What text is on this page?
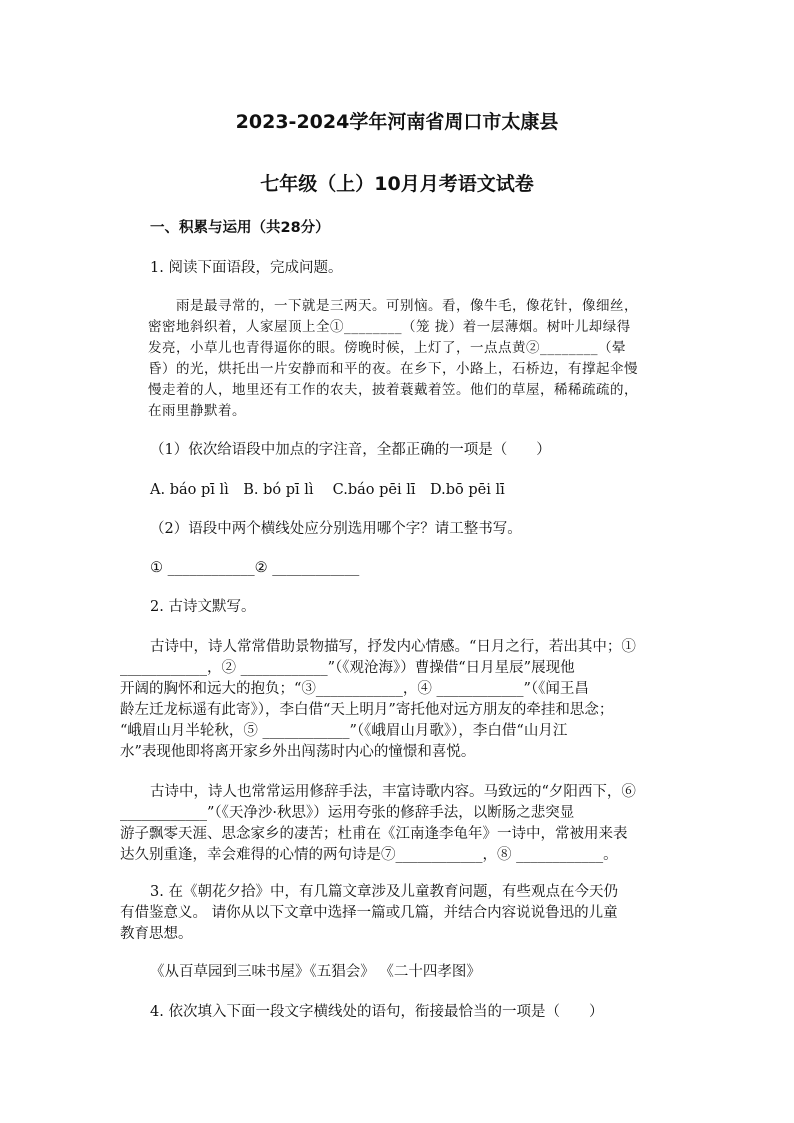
2023-2024学年河南省周口市太康县
七年级（上）10月月考语文试卷
一、积累与运用（共28分）
1. 阅读下面语段，完成问题。
　　雨是最寻常的，一下就是三两天。可别恼。看，像牛毛，像花针，像细丝，
密密地斜织着，人家屋顶上全①________（笼 拢）着一层薄烟。树叶儿却绿得
发亮，小草儿也青得逼你的眼。傍晚时候，上灯了，一点点黄②________（晕
昏）的光，烘托出一片安静而和平的夜。在乡下，小路上，石桥边，有撑起伞慢
慢走着的人，地里还有工作的农夫，披着蓑戴着笠。他们的草屋，稀稀疏疏的，
在雨里静默着。
（1）依次给语段中加点的字注音，全都正确的一项是（　　）
A. báo pī lì　B. bó pī lì　 C.báo pēi lī　D.bō pēi lī
（2）语段中两个横线处应分别选用哪个字？请工整书写。
① ____________② ____________
2. 古诗文默写。
古诗中，诗人常常借助景物描写，抒发内心情感。“日月之行，若出其中；①
____________，② ____________”（《观沧海》）曹操借“日月星辰”展现他
开阔的胸怀和远大的抱负；“③____________，④ ____________”（《闻王昌
龄左迁龙标遥有此寄》），李白借“天上明月”寄托他对远方朋友的牵挂和思念；
“峨眉山月半轮秋，⑤ ____________”（《峨眉山月歌》），李白借“山月江
水”表现他即将离开家乡外出闯荡时内心的憧憬和喜悦。
古诗中，诗人也常常运用修辞手法，丰富诗歌内容。马致远的“夕阳西下，⑥
____________”（《天净沙·秋思》）运用夸张的修辞手法，以断肠之悲突显
游子飘零天涯、思念家乡的凄苦；杜甫在《江南逢李龟年》一诗中，常被用来表
达久别重逢，幸会难得的心情的两句诗是⑦____________，⑧ ____________。
3. 在《朝花夕拾》中，有几篇文章涉及儿童教育问题，有些观点在今天仍
有借鉴意义。 请你从以下文章中选择一篇或几篇，并结合内容说说鲁迅的儿童
教育思想。
《从百草园到三味书屋》《五猖会》 《二十四孝图》
4. 依次填入下面一段文字横线处的语句，衔接最恰当的一项是（　　）
